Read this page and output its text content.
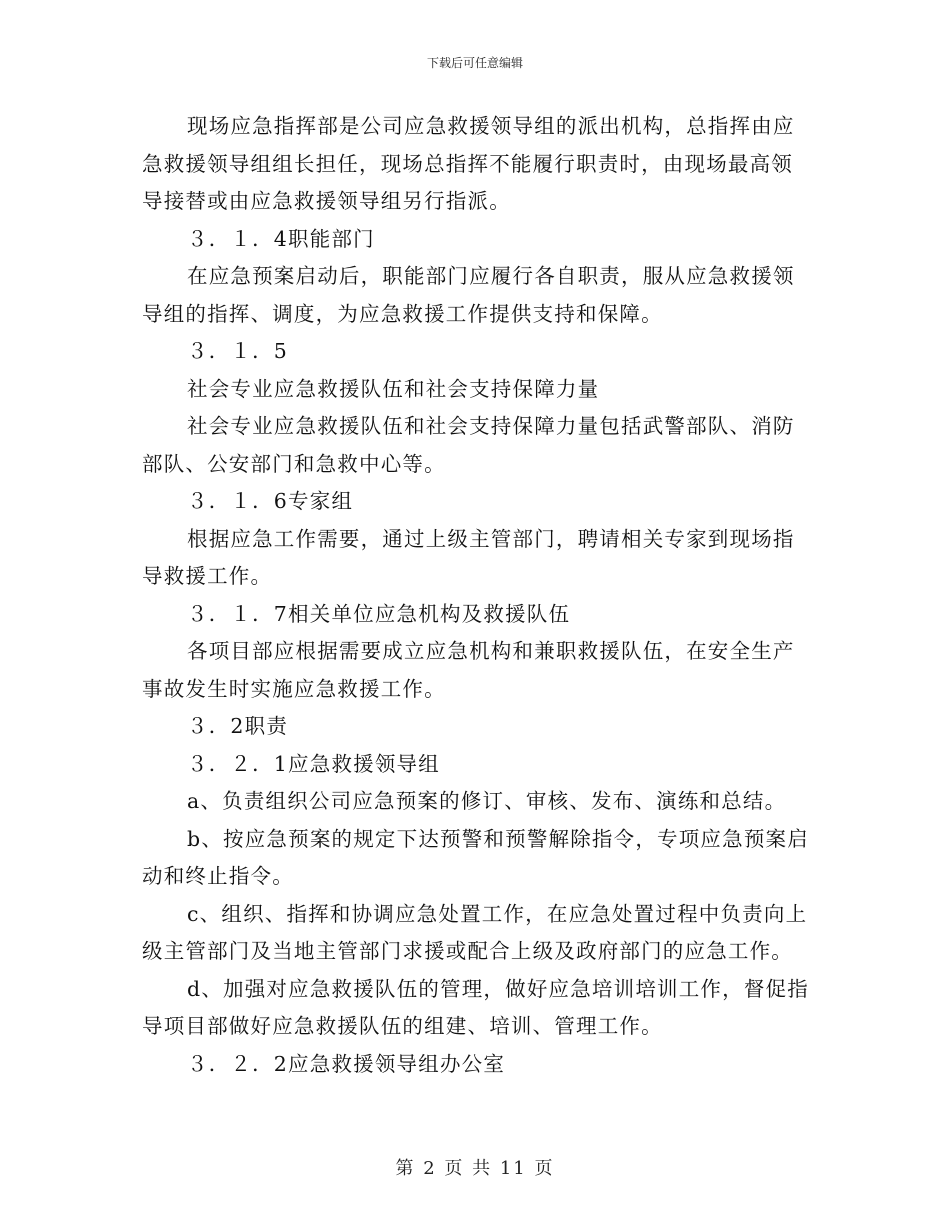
下载后可任意编辑
现场应急指挥部是公司应急救援领导组的派出机构，总指挥由应
急救援领导组组长担任，现场总指挥不能履行职责时，由现场最高领
导接替或由应急救援领导组另行指派。
３．１．4职能部门
在应急预案启动后，职能部门应履行各自职责，服从应急救援领
导组的指挥、调度，为应急救援工作提供支持和保障。
３．１．5
社会专业应急救援队伍和社会支持保障力量
社会专业应急救援队伍和社会支持保障力量包括武警部队、消防
部队、公安部门和急救中心等。
３．１．6专家组
根据应急工作需要，通过上级主管部门，聘请相关专家到现场指
导救援工作。
３．１．7相关单位应急机构及救援队伍
各项目部应根据需要成立应急机构和兼职救援队伍，在安全生产
事故发生时实施应急救援工作。
３．2职责
３．２．1应急救援领导组
a、负责组织公司应急预案的修订、审核、发布、演练和总结。
b、按应急预案的规定下达预警和预警解除指令，专项应急预案启
动和终止指令。
c、组织、指挥和协调应急处置工作，在应急处置过程中负责向上
级主管部门及当地主管部门求援或配合上级及政府部门的应急工作。
d、加强对应急救援队伍的管理，做好应急培训培训工作，督促指
导项目部做好应急救援队伍的组建、培训、管理工作。
３．２．2应急救援领导组办公室
第 2 页 共 11 页
